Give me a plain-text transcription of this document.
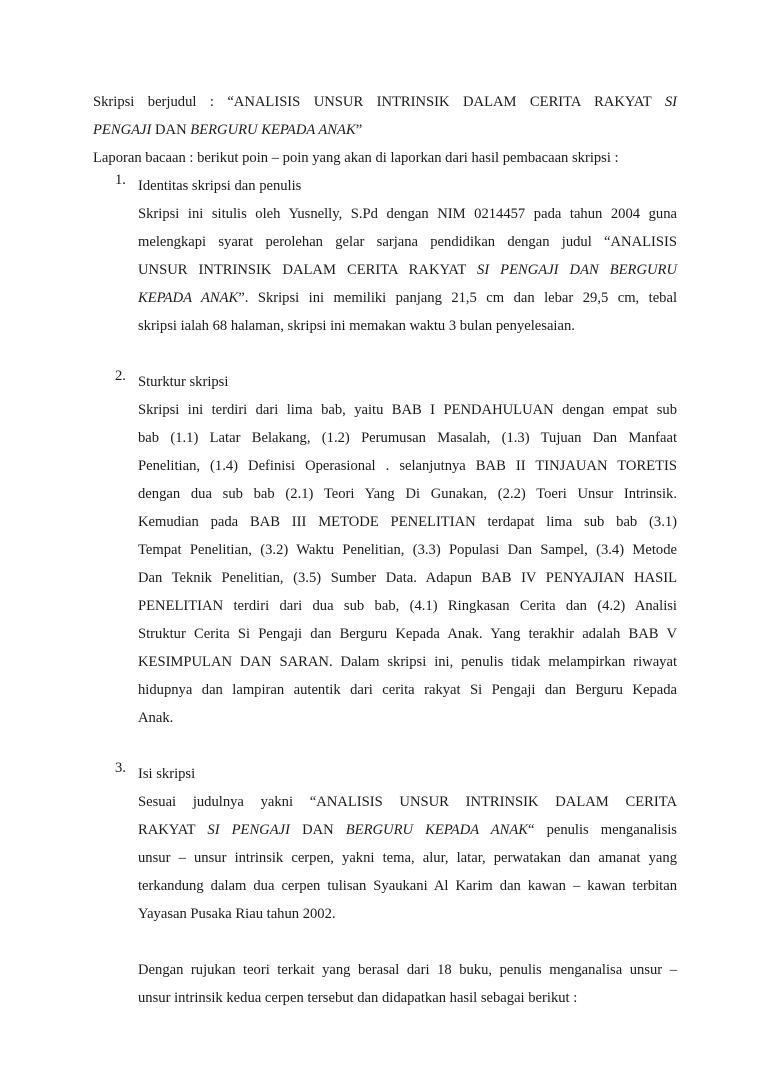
Skripsi berjudul : “ANALISIS UNSUR INTRINSIK DALAM CERITA RAKYAT SI

PENGAJI DAN BERGURU KEPADA ANAK”

Laporan bacaan : berikut poin – poin yang akan di laporkan dari hasil pembacaan skripsi :

1. Identitas skripsi dan penulis

Skripsi ini situlis oleh Yusnelly, S.Pd dengan NIM 0214457 pada tahun 2004 guna

melengkapi syarat perolehan gelar sarjana pendidikan dengan judul “ANALISIS

UNSUR INTRINSIK DALAM CERITA RAKYAT SI PENGAJI DAN BERGURU

KEPADA ANAK”. Skripsi ini memiliki panjang 21,5 cm dan lebar 29,5 cm, tebal

skripsi ialah 68 halaman, skripsi ini memakan waktu 3 bulan penyelesaian.

2. Sturktur skripsi

Skripsi ini terdiri dari lima bab, yaitu BAB I PENDAHULUAN dengan empat sub

bab (1.1) Latar Belakang, (1.2) Perumusan Masalah, (1.3) Tujuan Dan Manfaat

Penelitian, (1.4) Definisi Operasional . selanjutnya BAB II TINJAUAN TORETIS

dengan dua sub bab (2.1) Teori Yang Di Gunakan, (2.2) Toeri Unsur Intrinsik.

Kemudian pada BAB III METODE PENELITIAN terdapat lima sub bab (3.1)

Tempat Penelitian, (3.2) Waktu Penelitian, (3.3) Populasi Dan Sampel, (3.4) Metode

Dan Teknik Penelitian, (3.5) Sumber Data. Adapun BAB IV PENYAJIAN HASIL

PENELITIAN terdiri dari dua sub bab, (4.1) Ringkasan Cerita dan (4.2) Analisi

Struktur Cerita Si Pengaji dan Berguru Kepada Anak. Yang terakhir adalah BAB V

KESIMPULAN DAN SARAN. Dalam skripsi ini, penulis tidak melampirkan riwayat

hidupnya dan lampiran autentik dari cerita rakyat Si Pengaji dan Berguru Kepada

Anak.

3. Isi skripsi

Sesuai judulnya yakni “ANALISIS UNSUR INTRINSIK DALAM CERITA

RAKYAT SI PENGAJI DAN BERGURU KEPADA ANAK“ penulis menganalisis

unsur – unsur intrinsik cerpen, yakni tema, alur, latar, perwatakan dan amanat yang

terkandung dalam dua cerpen tulisan Syaukani Al Karim dan kawan – kawan terbitan

Yayasan Pusaka Riau tahun 2002.

Dengan rujukan teori terkait yang berasal dari 18 buku, penulis menganalisa unsur –

unsur intrinsik kedua cerpen tersebut dan didapatkan hasil sebagai berikut :
